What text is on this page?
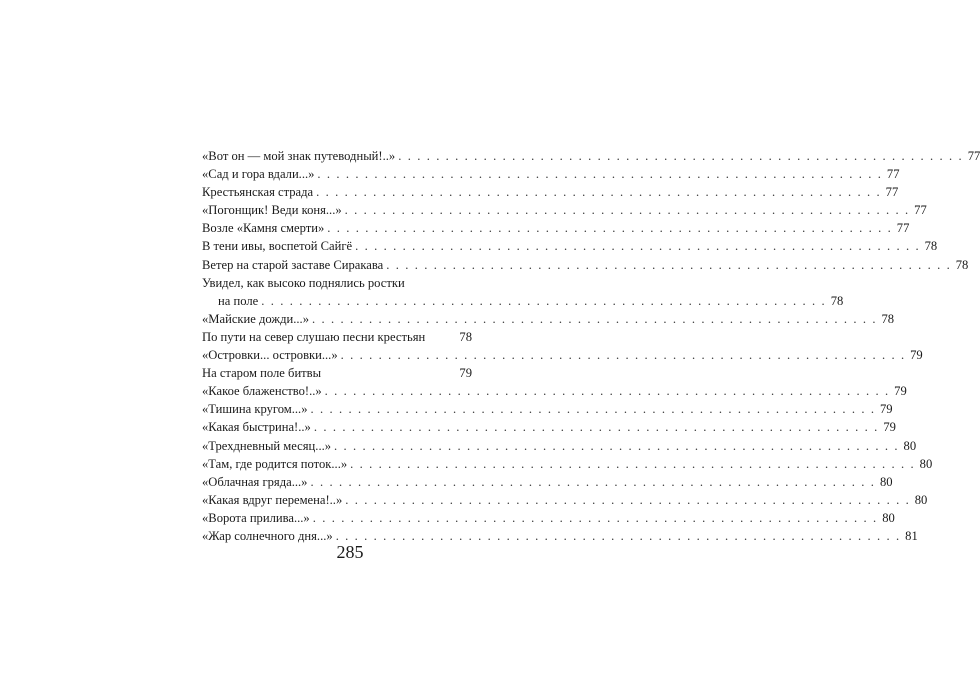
«Вот он — мой знак путеводный!..» . . . . . . . . . . . . . . . . . . . . . . . . . . . . . . . . . . . . . . . . . . . . . . . . . . . . . . . . . . . . 77
«Сад и гора вдали...» . . . . . . . . . . . . . . . . . . . . . . . . . . . . . . . . . . . . . . . . . . . . . . . . . . . . . . . . . . . . 77
Крестьянская страда . . . . . . . . . . . . . . . . . . . . . . . . . . . . . . . . . . . . . . . . . . . . . . . . . . . . . . . . . . . . 77
«Погонщик! Веди коня...» . . . . . . . . . . . . . . . . . . . . . . . . . . . . . . . . . . . . . . . . . . . . . . . . . . . . . . . . . . . . 77
Возле «Камня смерти» . . . . . . . . . . . . . . . . . . . . . . . . . . . . . . . . . . . . . . . . . . . . . . . . . . . . . . . . . . . . 77
В тени ивы, воспетой Сайгё . . . . . . . . . . . . . . . . . . . . . . . . . . . . . . . . . . . . . . . . . . . . . . . . . . . . . . . . . . . . 78
Ветер на старой заставе Сиракава . . . . . . . . . . . . . . . . . . . . . . . . . . . . . . . . . . . . . . . . . . . . . . . . . . . . . . . . . . . . 78
Увидел, как высоко поднялись ростки
на поле . . . . . . . . . . . . . . . . . . . . . . . . . . . . . . . . . . . . . . . . . . . . . . . . . . . . . . . . . . . . 78
«Майские дожди...» . . . . . . . . . . . . . . . . . . . . . . . . . . . . . . . . . . . . . . . . . . . . . . . . . . . . . . . . . . . . 78
По пути на север слушаю песни крестьян	78
«Островки... островки...» . . . . . . . . . . . . . . . . . . . . . . . . . . . . . . . . . . . . . . . . . . . . . . . . . . . . . . . . . . . . 79
На старом поле битвы	79
«Какое блаженство!..» . . . . . . . . . . . . . . . . . . . . . . . . . . . . . . . . . . . . . . . . . . . . . . . . . . . . . . . . . . . . 79
«Тишина кругом...» . . . . . . . . . . . . . . . . . . . . . . . . . . . . . . . . . . . . . . . . . . . . . . . . . . . . . . . . . . . . 79
«Какая быстрина!..» . . . . . . . . . . . . . . . . . . . . . . . . . . . . . . . . . . . . . . . . . . . . . . . . . . . . . . . . . . . . 79
«Трехдневный месяц...» . . . . . . . . . . . . . . . . . . . . . . . . . . . . . . . . . . . . . . . . . . . . . . . . . . . . . . . . . . . . 80
«Там, где родится поток...» . . . . . . . . . . . . . . . . . . . . . . . . . . . . . . . . . . . . . . . . . . . . . . . . . . . . . . . . . . . . 80
«Облачная гряда...» . . . . . . . . . . . . . . . . . . . . . . . . . . . . . . . . . . . . . . . . . . . . . . . . . . . . . . . . . . . . 80
«Какая вдруг перемена!..» . . . . . . . . . . . . . . . . . . . . . . . . . . . . . . . . . . . . . . . . . . . . . . . . . . . . . . . . . . . . 80
«Ворота прилива...» . . . . . . . . . . . . . . . . . . . . . . . . . . . . . . . . . . . . . . . . . . . . . . . . . . . . . . . . . . . . 80
«Жар солнечного дня...» . . . . . . . . . . . . . . . . . . . . . . . . . . . . . . . . . . . . . . . . . . . . . . . . . . . . . . . . . . . . 81
285
